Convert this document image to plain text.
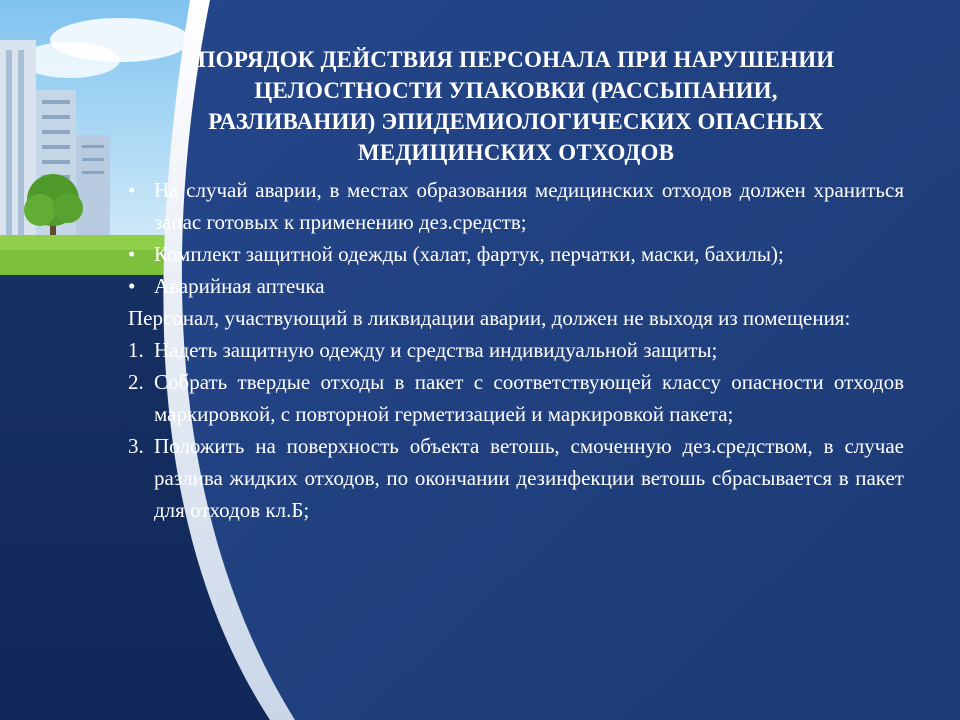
ПОРЯДОК ДЕЙСТВИЯ ПЕРСОНАЛА ПРИ НАРУШЕНИИ
ЦЕЛОСТНОСТИ УПАКОВКИ (РАССЫПАНИИ,
РАЗЛИВАНИИ) ЭПИДЕМИОЛОГИЧЕСКИХ ОПАСНЫХ
МЕДИЦИНСКИХ ОТХОДОВ
• На случай аварии, в местах образования медицинских отходов должен храниться запас готовых к применению дез.средств;
• Комплект защитной одежды (халат, фартук, перчатки, маски, бахилы);
• Аварийная аптечка
Персонал, участвующий в ликвидации аварии, должен не выходя из помещения:
1. Надеть защитную одежду и средства индивидуальной защиты;
2. Собрать твердые отходы в пакет с соответствующей классу опасности отходов маркировкой, с повторной герметизацией и маркировкой пакета;
3. Положить на поверхность объекта ветошь, смоченную дез.средством, в случае разлива жидких отходов, по окончании дезинфекции ветошь сбрасывается в пакет для отходов кл.Б;
